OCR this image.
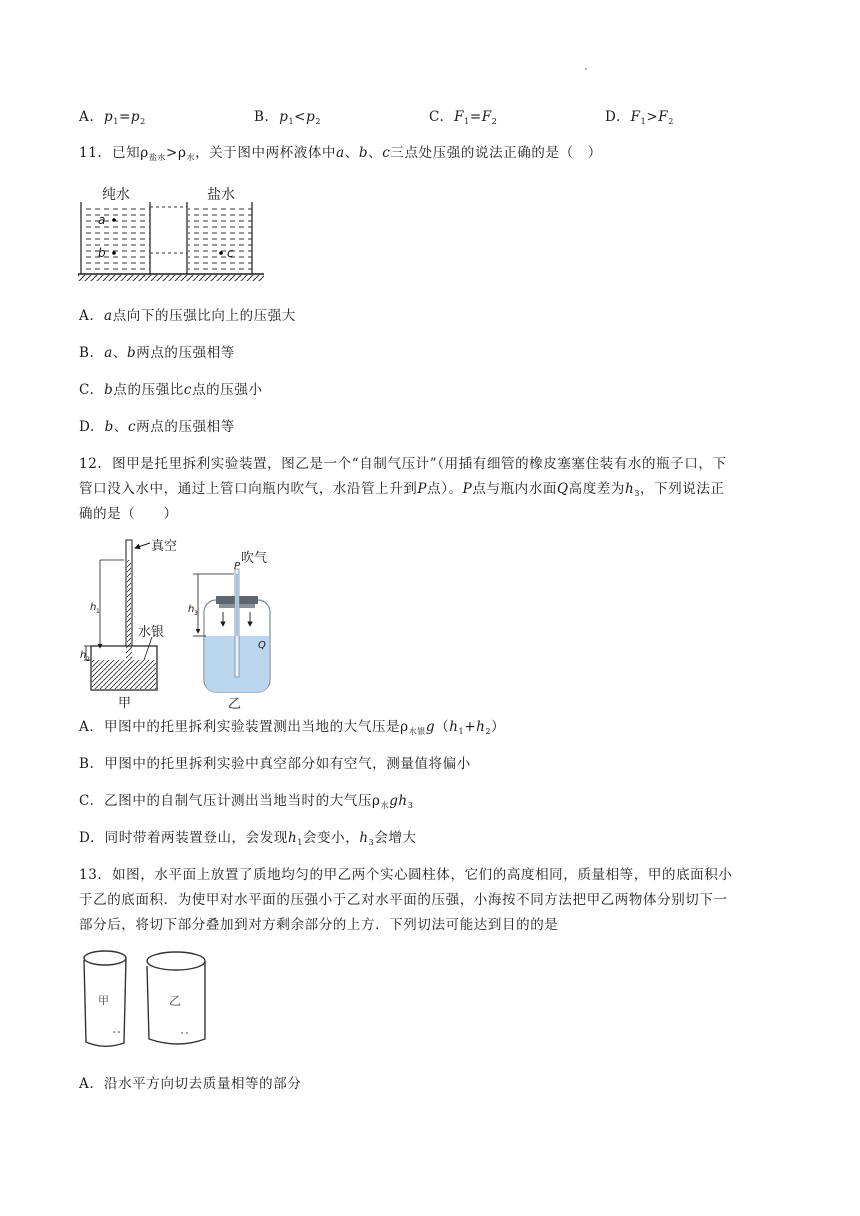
A. $p_1=p_2$	B. $p_1<p_2$	C. $F_1=F_2$	D. $F_1>F_2$
11. 已知$\rho_{盐水}>\rho_水$，关于图中两杯液体中a、b、c三点处压强的说法正确的是（　）
纯水	盐水
a
b	c
A. a点向下的压强比向上的压强大
B. a、b两点的压强相等
C. b点的压强比c点的压强小
D. b、c两点的压强相等
12. 图甲是托里拆利实验装置，图乙是一个“自制气压计”（用插有细管的橡皮塞塞住装有水的瓶子口，下
管口没入水中，通过上管口向瓶内吹气，水沿管上升到P点）。P点与瓶内水面Q高度差为$h_3$，下列说法正
确的是（　　）
真空
水银
h 1
h 2
甲
P
吹气
h 3
Q
乙
A. 甲图中的托里拆利实验装置测出当地的大气压是$\rho_{水银}g(h_1+h_2)$
B. 甲图中的托里拆利实验中真空部分如有空气，测量值将偏小
C. 乙图中的自制气压计测出当地当时的大气压$\rho_水gh_3$
D. 同时带着两装置登山，会发现$h_1$会变小，$h_3$会增大
13. 如图，水平面上放置了质地均匀的甲乙两个实心圆柱体，它们的高度相同，质量相等，甲的底面积小
于乙的底面积．为使甲对水平面的压强小于乙对水平面的压强，小海按不同方法把甲乙两物体分别切下一
部分后，将切下部分叠加到对方剩余部分的上方．下列切法可能达到目的的是
甲	乙
A. 沿水平方向切去质量相等的部分
